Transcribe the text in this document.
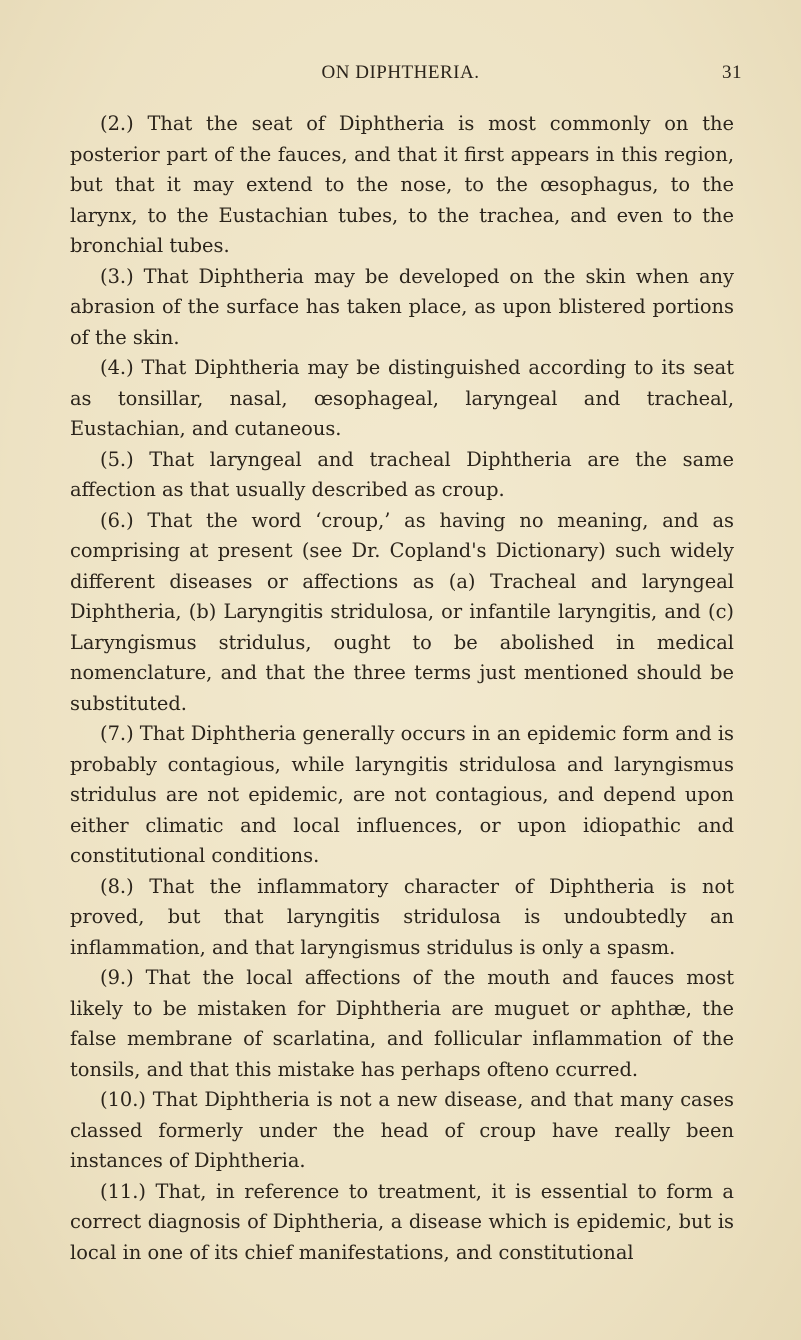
ON DIPHTHERIA.	31

(2.) That the seat of Diphtheria is most commonly on the posterior part of the fauces, and that it first appears in this region, but that it may extend to the nose, to the œsophagus, to the larynx, to the Eustachian tubes, to the trachea, and even to the bronchial tubes.

(3.) That Diphtheria may be developed on the skin when any abrasion of the surface has taken place, as upon blistered portions of the skin.

(4.) That Diphtheria may be distinguished according to its seat as tonsillar, nasal, œsophageal, laryngeal and tracheal, Eustachian, and cutaneous.

(5.) That laryngeal and tracheal Diphtheria are the same affection as that usually described as croup.

(6.) That the word ‘croup,’ as having no meaning, and as comprising at present (see Dr. Copland's Dictionary) such widely different diseases or affections as (a) Tracheal and laryngeal Diphtheria, (b) Laryngitis stridulosa, or infantile laryngitis, and (c) Laryngismus stridulus, ought to be abolished in medical nomenclature, and that the three terms just mentioned should be substituted.

(7.) That Diphtheria generally occurs in an epidemic form and is probably contagious, while laryngitis stridulosa and laryngismus stridulus are not epidemic, are not contagious, and depend upon either climatic and local influences, or upon idiopathic and constitutional conditions.

(8.) That the inflammatory character of Diphtheria is not proved, but that laryngitis stridulosa is undoubtedly an inflammation, and that laryngismus stridulus is only a spasm.

(9.) That the local affections of the mouth and fauces most likely to be mistaken for Diphtheria are muguet or aphthæ, the false membrane of scarlatina, and follicular inflammation of the tonsils, and that this mistake has perhaps ofteno ccurred.

(10.) That Diphtheria is not a new disease, and that many cases classed formerly under the head of croup have really been instances of Diphtheria.

(11.) That, in reference to treatment, it is essential to form a correct diagnosis of Diphtheria, a disease which is epidemic, but is local in one of its chief manifestations, and constitutional
